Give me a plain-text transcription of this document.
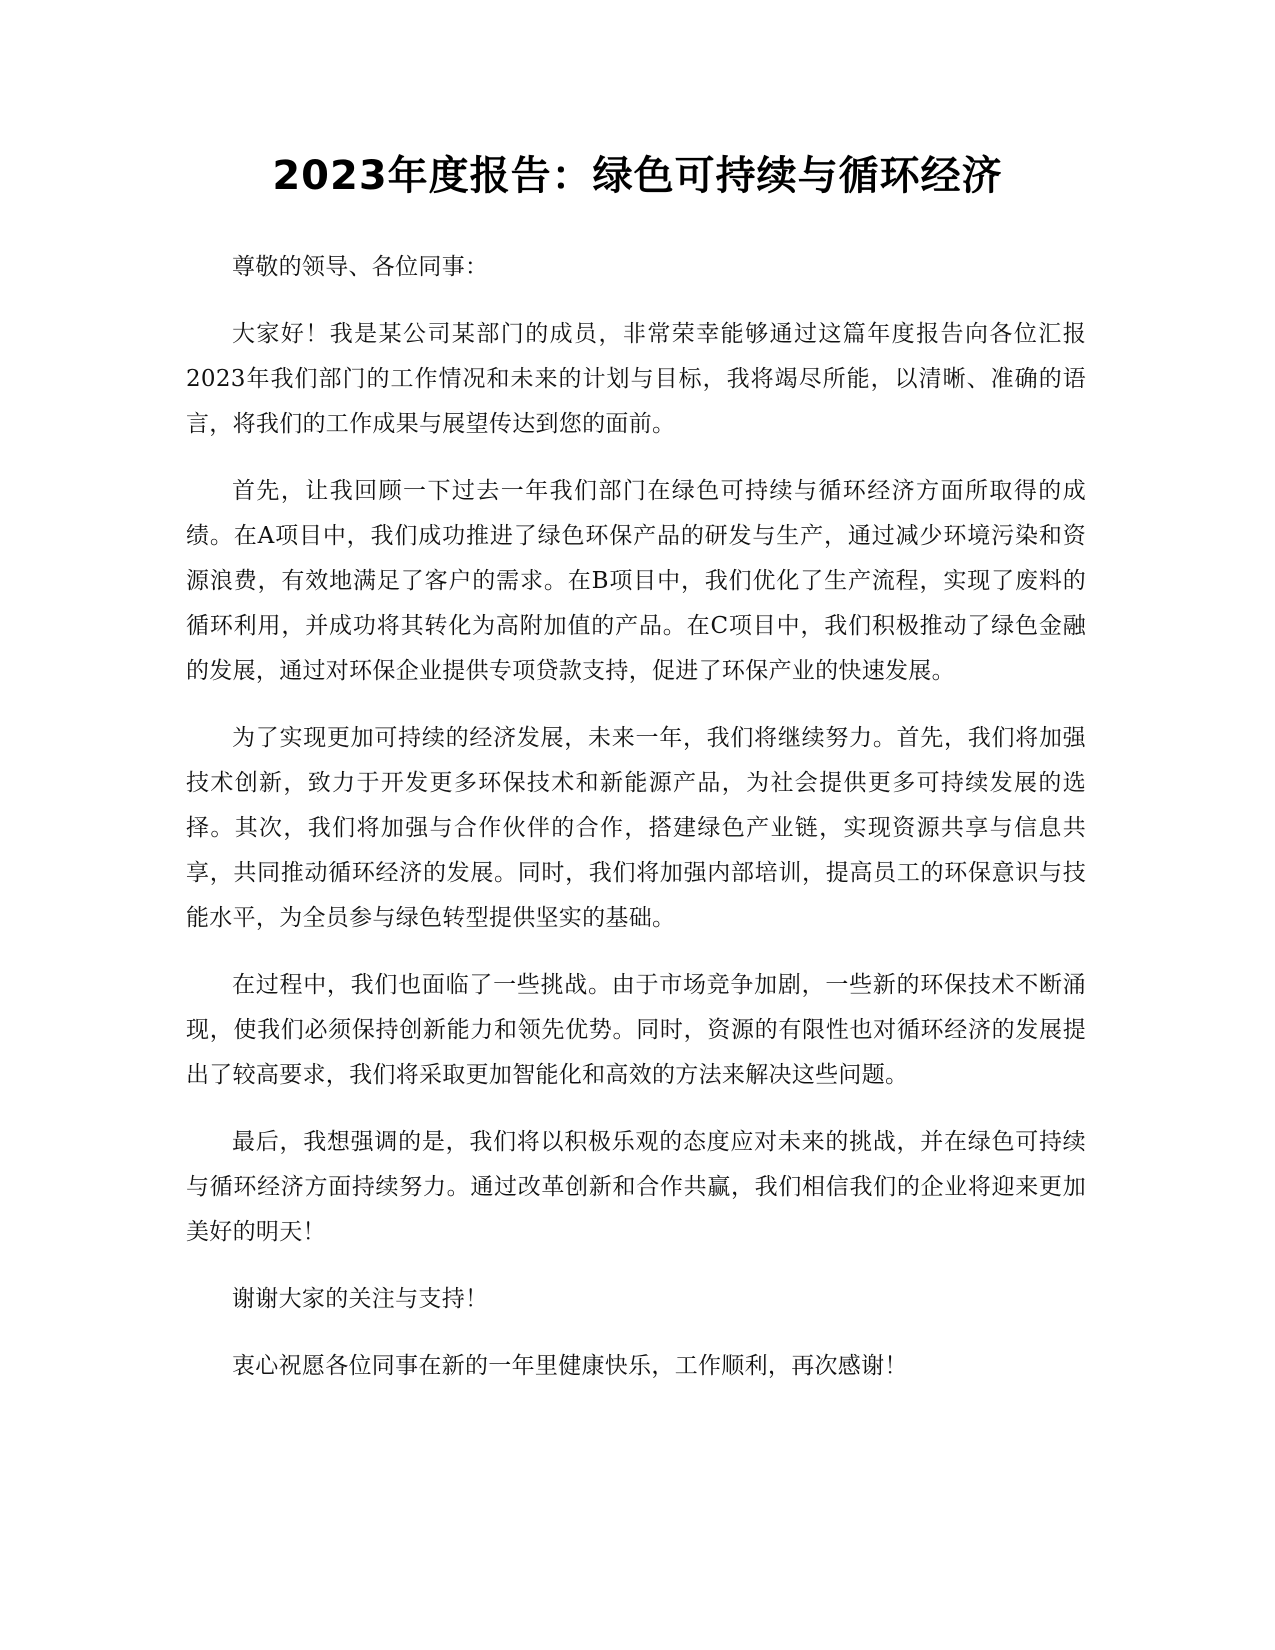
2023年度报告：绿色可持续与循环经济

尊敬的领导、各位同事：

大家好！我是某公司某部门的成员，非常荣幸能够通过这篇年度报告向各位汇报2023年我们部门的工作情况和未来的计划与目标，我将竭尽所能，以清晰、准确的语言，将我们的工作成果与展望传达到您的面前。

首先，让我回顾一下过去一年我们部门在绿色可持续与循环经济方面所取得的成绩。在A项目中，我们成功推进了绿色环保产品的研发与生产，通过减少环境污染和资源浪费，有效地满足了客户的需求。在B项目中，我们优化了生产流程，实现了废料的循环利用，并成功将其转化为高附加值的产品。在C项目中，我们积极推动了绿色金融的发展，通过对环保企业提供专项贷款支持，促进了环保产业的快速发展。

为了实现更加可持续的经济发展，未来一年，我们将继续努力。首先，我们将加强技术创新，致力于开发更多环保技术和新能源产品，为社会提供更多可持续发展的选择。其次，我们将加强与合作伙伴的合作，搭建绿色产业链，实现资源共享与信息共享，共同推动循环经济的发展。同时，我们将加强内部培训，提高员工的环保意识与技能水平，为全员参与绿色转型提供坚实的基础。

在过程中，我们也面临了一些挑战。由于市场竞争加剧，一些新的环保技术不断涌现，使我们必须保持创新能力和领先优势。同时，资源的有限性也对循环经济的发展提出了较高要求，我们将采取更加智能化和高效的方法来解决这些问题。

最后，我想强调的是，我们将以积极乐观的态度应对未来的挑战，并在绿色可持续与循环经济方面持续努力。通过改革创新和合作共赢，我们相信我们的企业将迎来更加美好的明天！

谢谢大家的关注与支持！

衷心祝愿各位同事在新的一年里健康快乐，工作顺利，再次感谢！
